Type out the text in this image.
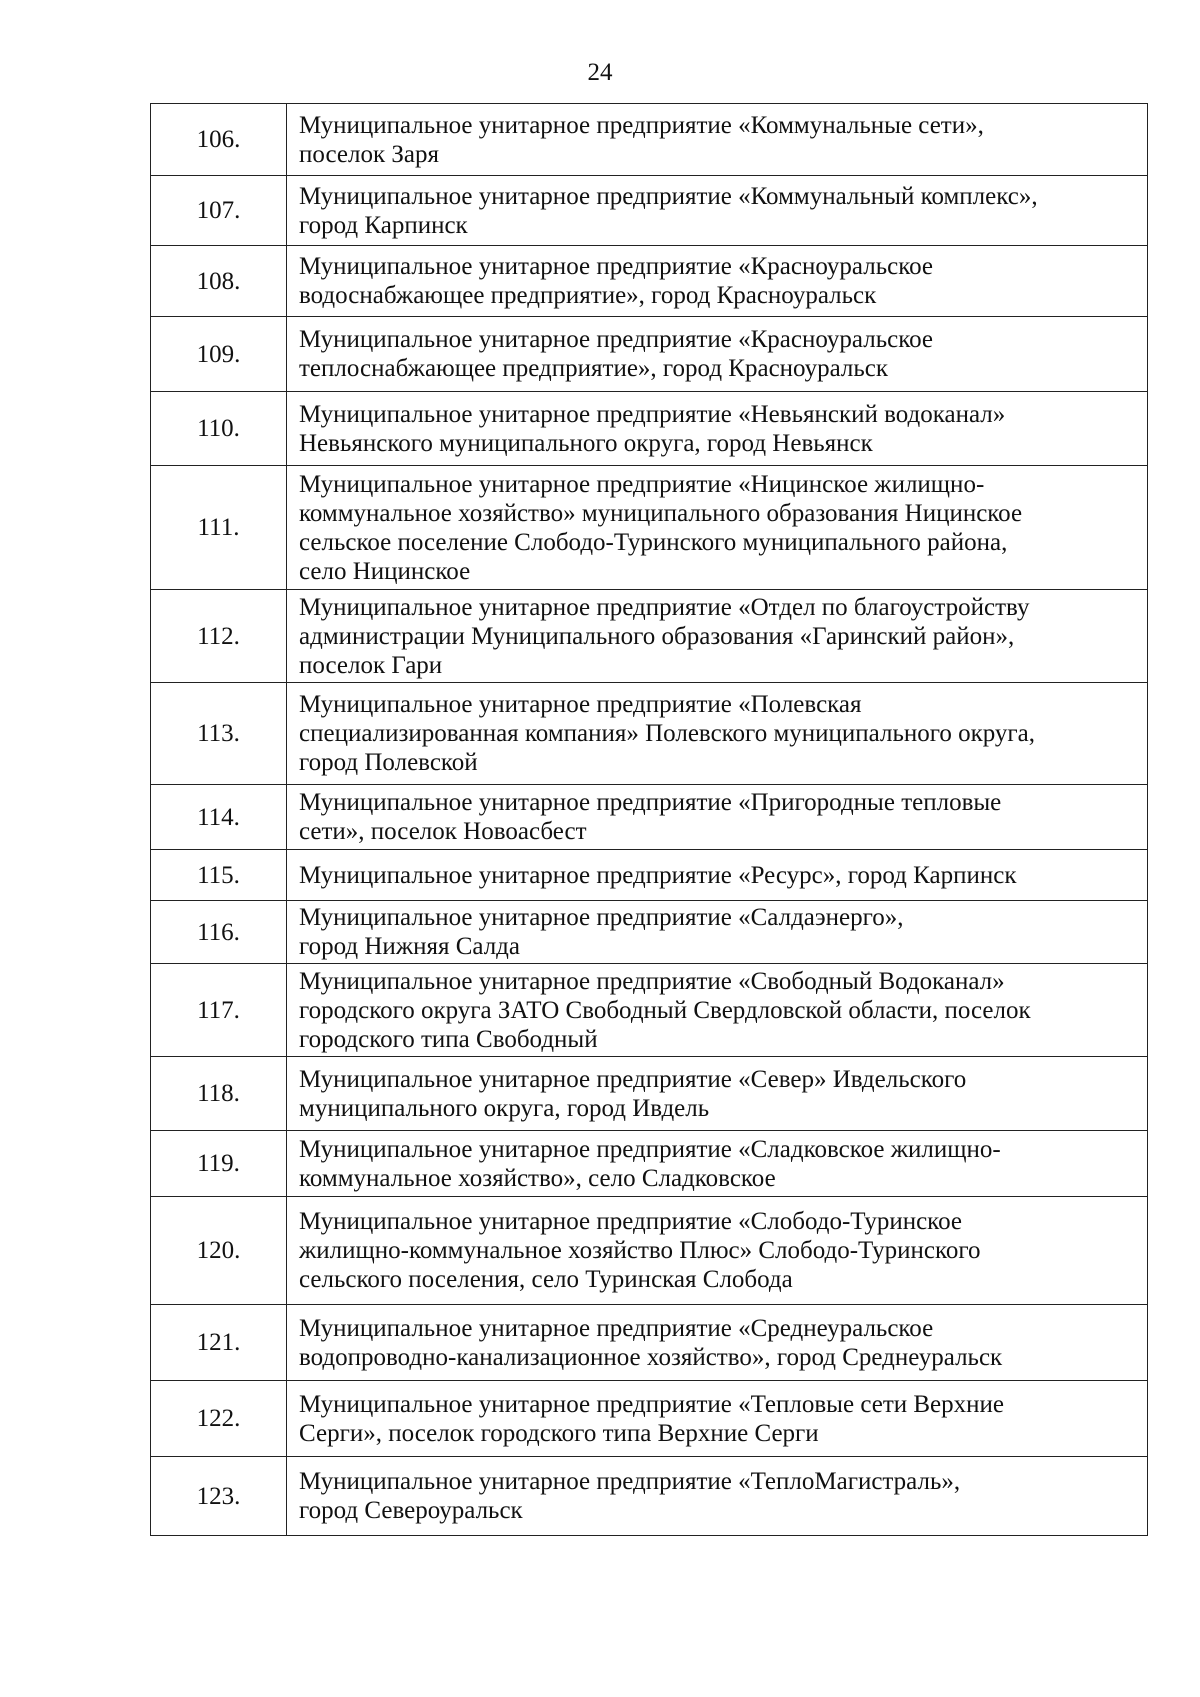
24
106.	Муниципальное унитарное предприятие «Коммунальные сети»,
поселок Заря

107.	Муниципальное унитарное предприятие «Коммунальный комплекс»,
город Карпинск

108.	Муниципальное унитарное предприятие «Красноуральское
водоснабжающее предприятие», город Красноуральск

109.	Муниципальное унитарное предприятие «Красноуральское
теплоснабжающее предприятие», город Красноуральск

110.	Муниципальное унитарное предприятие «Невьянский водоканал»
Невьянского муниципального округа, город Невьянск

111.	Муниципальное унитарное предприятие «Ницинское жилищно-
коммунальное хозяйство» муниципального образования Ницинское
сельское поселение Слободо-Туринского муниципального района,
село Ницинское

112.	Муниципальное унитарное предприятие «Отдел по благоустройству
администрации Муниципального образования «Гаринский район»,
поселок Гари

113.	Муниципальное унитарное предприятие «Полевская
специализированная компания» Полевского муниципального округа,
город Полевской

114.	Муниципальное унитарное предприятие «Пригородные тепловые
сети», поселок Новоасбест

115.	Муниципальное унитарное предприятие «Ресурс», город Карпинск

116.	Муниципальное унитарное предприятие «Салдаэнерго»,
город Нижняя Салда

117.	Муниципальное унитарное предприятие «Свободный Водоканал»
городского округа ЗАТО Свободный Свердловской области, поселок
городского типа Свободный

118.	Муниципальное унитарное предприятие «Север» Ивдельского
муниципального округа, город Ивдель

119.	Муниципальное унитарное предприятие «Сладковское жилищно-
коммунальное хозяйство», село Сладковское

120.	Муниципальное унитарное предприятие «Слободо-Туринское
жилищно-коммунальное хозяйство Плюс» Слободо-Туринского
сельского поселения, село Туринская Слобода

121.	Муниципальное унитарное предприятие «Среднеуральское
водопроводно-канализационное хозяйство», город Среднеуральск

122.	Муниципальное унитарное предприятие «Тепловые сети Верхние
Серги», поселок городского типа Верхние Серги

123.	Муниципальное унитарное предприятие «ТеплоМагистраль»,
город Североуральск
